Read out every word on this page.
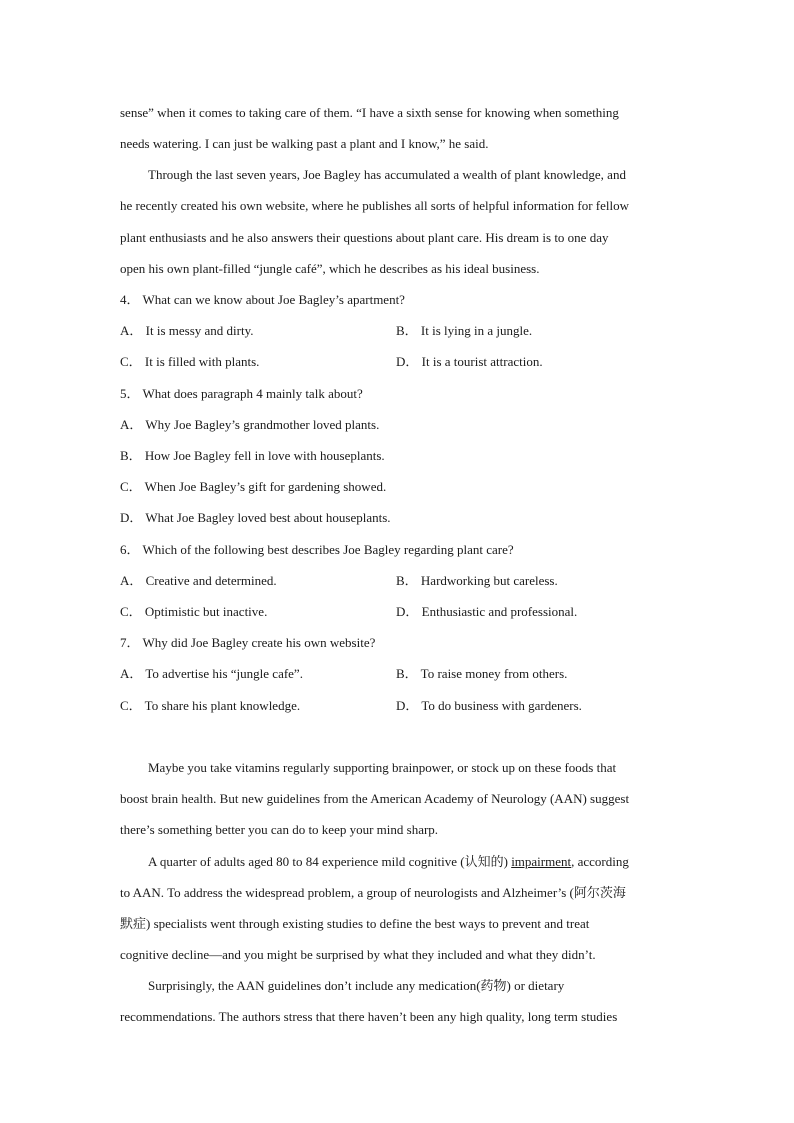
sense” when it comes to taking care of them. “I have a sixth sense for knowing when something
needs watering. I can just be walking past a plant and I know,” he said.
Through the last seven years, Joe Bagley has accumulated a wealth of plant knowledge, and
he recently created his own website, where he publishes all sorts of helpful information for fellow
plant enthusiasts and he also answers their questions about plant care. His dream is to one day
open his own plant-filled “jungle café”, which he describes as his ideal business.
4． What can we know about Joe Bagley’s apartment?
A． It is messy and dirty.	B． It is lying in a jungle.
C． It is filled with plants.	D． It is a tourist attraction.
5． What does paragraph 4 mainly talk about?
A． Why Joe Bagley’s grandmother loved plants.
B． How Joe Bagley fell in love with houseplants.
C． When Joe Bagley’s gift for gardening showed.
D． What Joe Bagley loved best about houseplants.
6． Which of the following best describes Joe Bagley regarding plant care?
A． Creative and determined.	B． Hardworking but careless.
C． Optimistic but inactive.	D． Enthusiastic and professional.
7． Why did Joe Bagley create his own website?
A． To advertise his “jungle cafe”.	B． To raise money from others.
C． To share his plant knowledge.	D． To do business with gardeners.
Maybe you take vitamins regularly supporting brainpower, or stock up on these foods that
boost brain health. But new guidelines from the American Academy of Neurology (AAN) suggest
there’s something better you can do to keep your mind sharp.
A quarter of adults aged 80 to 84 experience mild cognitive (认知的) impairment, according
to AAN. To address the widespread problem, a group of neurologists and Alzheimer’s (阿尔茨海
默症) specialists went through existing studies to define the best ways to prevent and treat
cognitive decline—and you might be surprised by what they included and what they didn’t.
Surprisingly, the AAN guidelines don’t include any medication(药物) or dietary
recommendations. The authors stress that there haven’t been any high quality, long term studies
